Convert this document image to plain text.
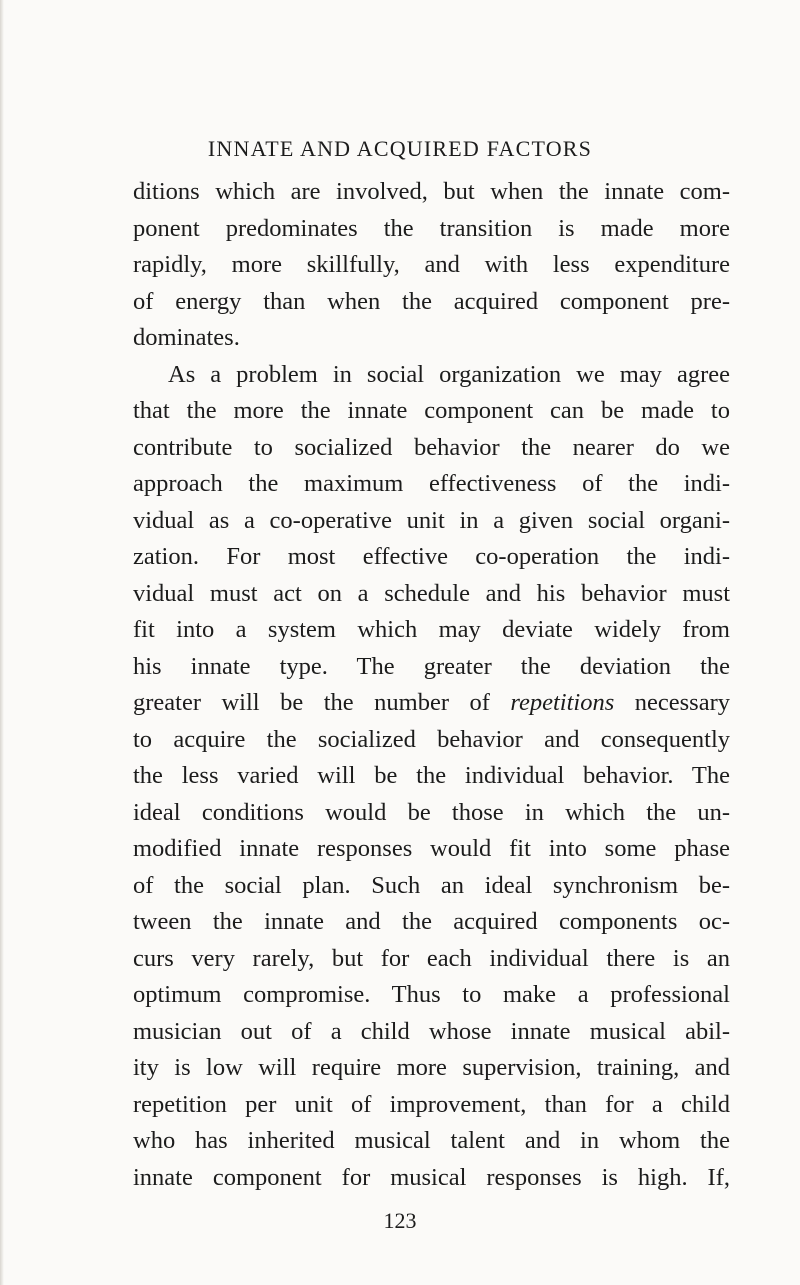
INNATE AND ACQUIRED FACTORS
ditions which are involved, but when the innate com-
ponent predominates the transition is made more
rapidly, more skillfully, and with less expenditure
of energy than when the acquired component pre-
dominates.
As a problem in social organization we may agree
that the more the innate component can be made to
contribute to socialized behavior the nearer do we
approach the maximum effectiveness of the indi-
vidual as a co-operative unit in a given social organi-
zation. For most effective co-operation the indi-
vidual must act on a schedule and his behavior must
fit into a system which may deviate widely from
his innate type. The greater the deviation the
greater will be the number of repetitions necessary
to acquire the socialized behavior and consequently
the less varied will be the individual behavior. The
ideal conditions would be those in which the un-
modified innate responses would fit into some phase
of the social plan. Such an ideal synchronism be-
tween the innate and the acquired components oc-
curs very rarely, but for each individual there is an
optimum compromise. Thus to make a professional
musician out of a child whose innate musical abil-
ity is low will require more supervision, training, and
repetition per unit of improvement, than for a child
who has inherited musical talent and in whom the
innate component for musical responses is high. If,
123
